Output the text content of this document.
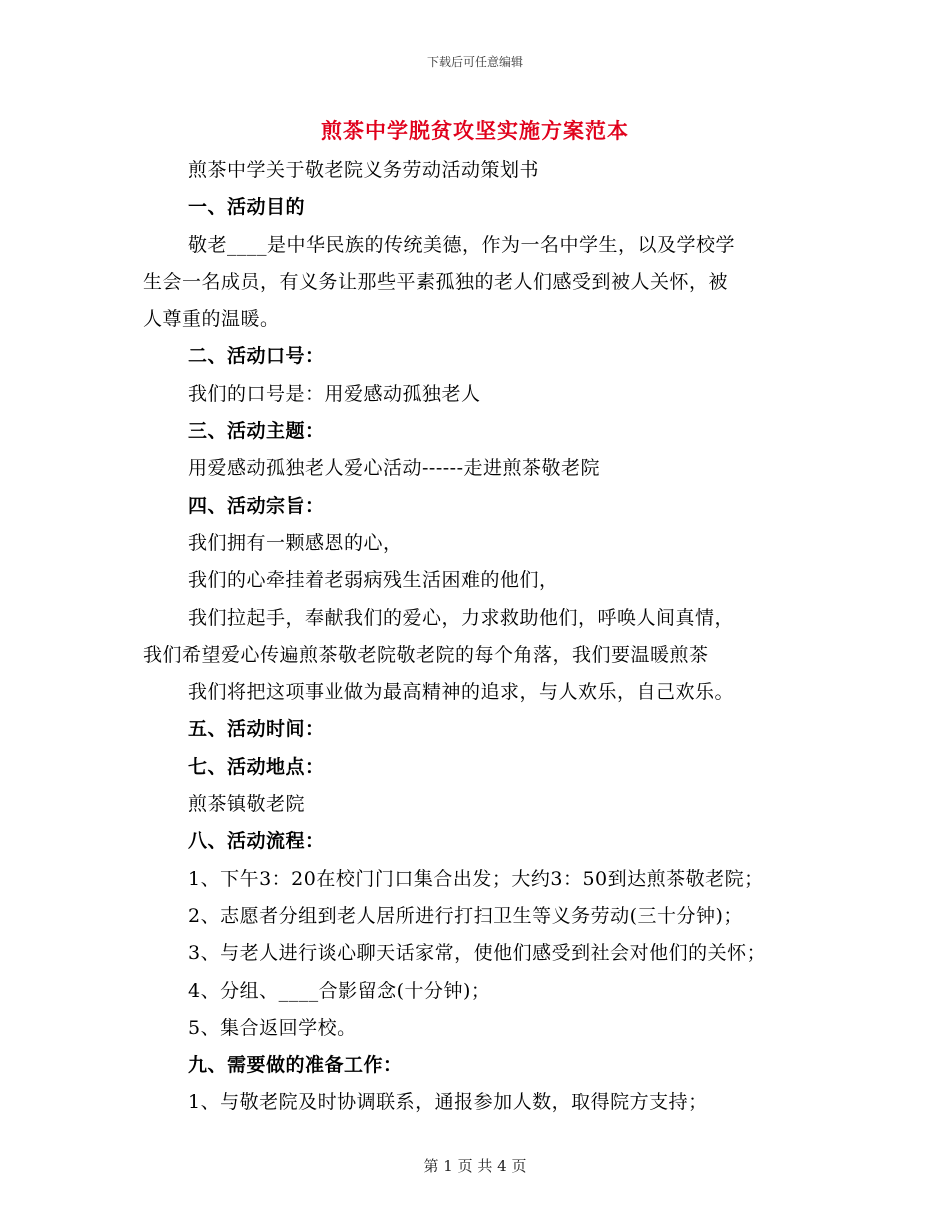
下载后可任意编辑
煎茶中学脱贫攻坚实施方案范本
煎茶中学关于敬老院义务劳动活动策划书
一、活动目的
敬老____是中华民族的传统美德，作为一名中学生，以及学校学
生会一名成员，有义务让那些平素孤独的老人们感受到被人关怀，被
人尊重的温暖。
二、活动口号：
我们的口号是：用爱感动孤独老人
三、活动主题：
用爱感动孤独老人爱心活动------走进煎茶敬老院
四、活动宗旨：
我们拥有一颗感恩的心，
我们的心牵挂着老弱病残生活困难的他们，
我们拉起手，奉献我们的爱心，力求救助他们，呼唤人间真情，
我们希望爱心传遍煎茶敬老院敬老院的每个角落，我们要温暖煎茶
我们将把这项事业做为最高精神的追求，与人欢乐，自己欢乐。
五、活动时间：
七、活动地点：
煎茶镇敬老院
八、活动流程：
1、下午3：20在校门门口集合出发；大约3：50到达煎茶敬老院；
2、志愿者分组到老人居所进行打扫卫生等义务劳动(三十分钟)；
3、与老人进行谈心聊天话家常，使他们感受到社会对他们的关怀；
4、分组、____合影留念(十分钟)；
5、集合返回学校。
九、需要做的准备工作：
1、与敬老院及时协调联系，通报参加人数，取得院方支持；
第 1 页 共 4 页
